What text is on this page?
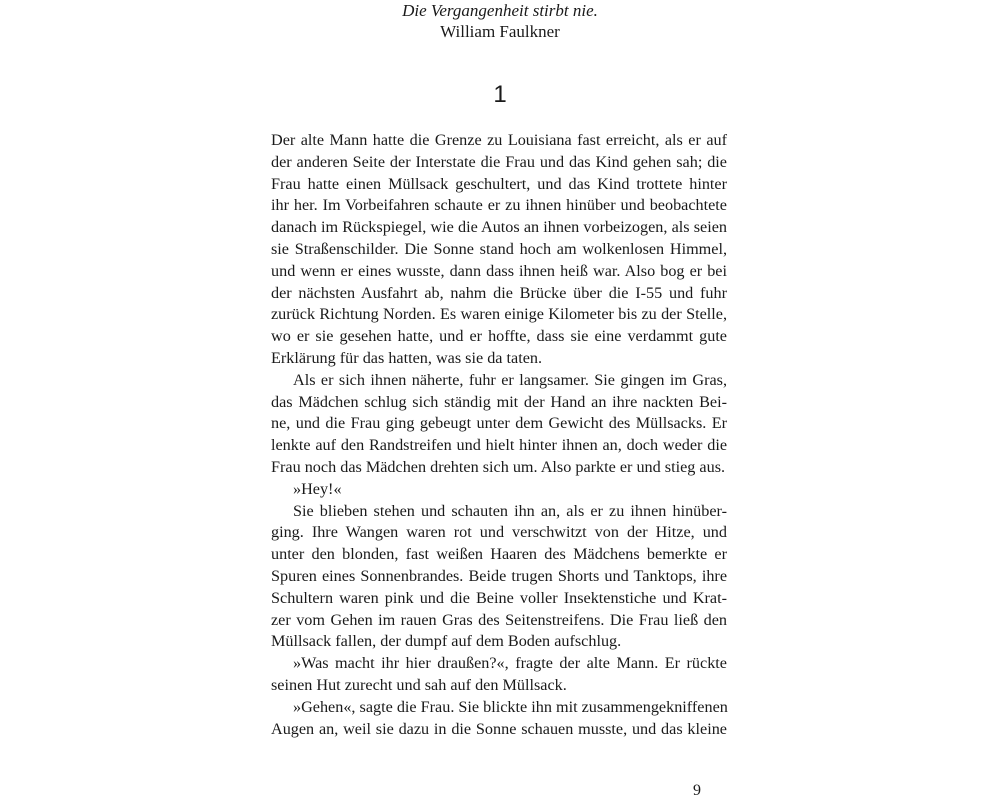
Die Vergangenheit stirbt nie.
William Faulkner
1
Der alte Mann hatte die Grenze zu Louisiana fast erreicht, als er auf
der anderen Seite der Interstate die Frau und das Kind gehen sah; die
Frau hatte einen Müllsack geschultert, und das Kind trottete hinter
ihr her. Im Vorbeifahren schaute er zu ihnen hinüber und beobachtete
danach im Rückspiegel, wie die Autos an ihnen vorbeizogen, als seien
sie Straßenschilder. Die Sonne stand hoch am wolkenlosen Himmel,
und wenn er eines wusste, dann dass ihnen heiß war. Also bog er bei
der nächsten Ausfahrt ab, nahm die Brücke über die I-55 und fuhr
zurück Richtung Norden. Es waren einige Kilometer bis zu der Stelle,
wo er sie gesehen hatte, und er hoffte, dass sie eine verdammt gute
Erklärung für das hatten, was sie da taten.
Als er sich ihnen näherte, fuhr er langsamer. Sie gingen im Gras,
das Mädchen schlug sich ständig mit der Hand an ihre nackten Bei-
ne, und die Frau ging gebeugt unter dem Gewicht des Müllsacks. Er
lenkte auf den Randstreifen und hielt hinter ihnen an, doch weder die
Frau noch das Mädchen drehten sich um. Also parkte er und stieg aus.
»Hey!«
Sie blieben stehen und schauten ihn an, als er zu ihnen hinüber-
ging. Ihre Wangen waren rot und verschwitzt von der Hitze, und
unter den blonden, fast weißen Haaren des Mädchens bemerkte er
Spuren eines Sonnenbrandes. Beide trugen Shorts und Tanktops, ihre
Schultern waren pink und die Beine voller Insektenstiche und Krat-
zer vom Gehen im rauen Gras des Seitenstreifens. Die Frau ließ den
Müllsack fallen, der dumpf auf dem Boden aufschlug.
»Was macht ihr hier draußen?«, fragte der alte Mann. Er rückte
seinen Hut zurecht und sah auf den Müllsack.
»Gehen«, sagte die Frau. Sie blickte ihn mit zusammengekniffenen
Augen an, weil sie dazu in die Sonne schauen musste, und das kleine
9
